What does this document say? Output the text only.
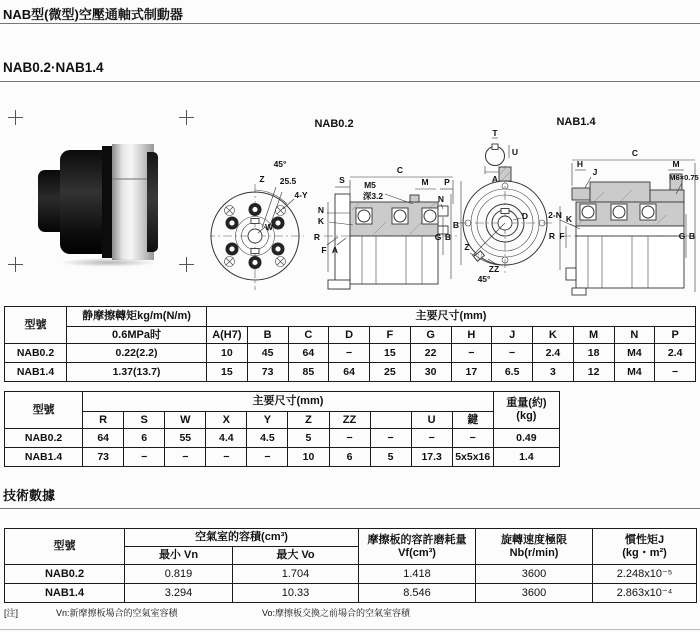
NAB型(微型)空壓通軸式制動器
NAB0.2·NAB1.4
NAB0.2
Z 25.5
45°
4-Y
W
S
C
M5
深3.2
M P
N
N
K
R
F A
G B
NAB1.4
T
U
A
D
B
Z
ZZ
45°
H
J
C
M
M6×0.75
2-N K
R F	G B
型號	静摩擦轉矩kg/m(N/m)	主要尺寸(mm)											
	0.6MPa时	A(H7)	B	C	D	F	G	H	J	K	M	N	P
NAB0.2	0.22(2.2)	10	45	64	−	15	22	−	−	2.4	18	M4	2.4
NAB1.4	1.37(13.7)	15	73	85	64	25	30	17	6.5	3	12	M4	−
型號	主要尺寸(mm)										重量(約)
(kg)

	R	S	W	X	Y	Z	ZZ		U	鍵	
NAB0.2	64	6	55	4.4	4.5	5	−	−	−	−	0.49
NAB1.4	73	−	−	−	−	10	6	5	17.3	5x5x16	1.4
技術數據
型號	空氣室的容積(cm³)		摩擦板的容許磨耗量
Vf(cm³)	旋轉速度極限
Nb(r/min)	慣性矩J
(kg・m²)

	最小 Vn	最大 Vo			
NAB0.2	0.819	1.704	1.418	3600	2.248x10⁻⁵
NAB1.4	3.294	10.33	8.546	3600	2.863x10⁻⁴
[注]	Vn:新摩擦板場合的空氣室容積	Vo:摩擦板交換之前場合的空氣室容積
